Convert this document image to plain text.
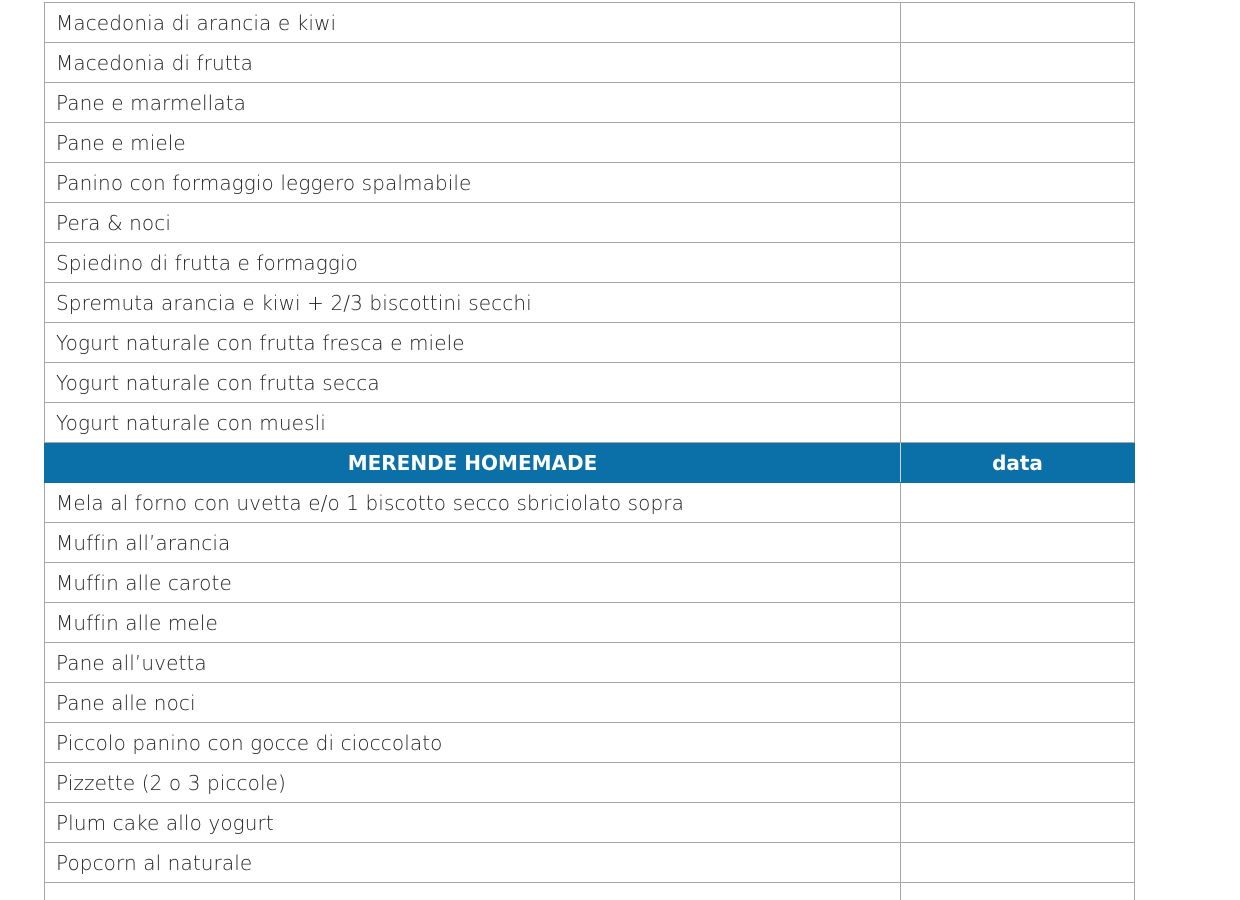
Macedonia di arancia e kiwi	
Macedonia di frutta	
Pane e marmellata	
Pane e miele	
Panino con formaggio leggero spalmabile	
Pera & noci	
Spiedino di frutta e formaggio	
Spremuta arancia e kiwi + 2/3 biscottini secchi	
Yogurt naturale con frutta fresca e miele	
Yogurt naturale con frutta secca	
Yogurt naturale con muesli	
MERENDE HOMEMADE	data
Mela al forno con uvetta e/o 1 biscotto secco sbriciolato sopra	
Muffin all’arancia	
Muffin alle carote	
Muffin alle mele	
Pane all’uvetta	
Pane alle noci	
Piccolo panino con gocce di cioccolato	
Pizzette (2 o 3 piccole)	
Plum cake allo yogurt	
Popcorn al naturale	
